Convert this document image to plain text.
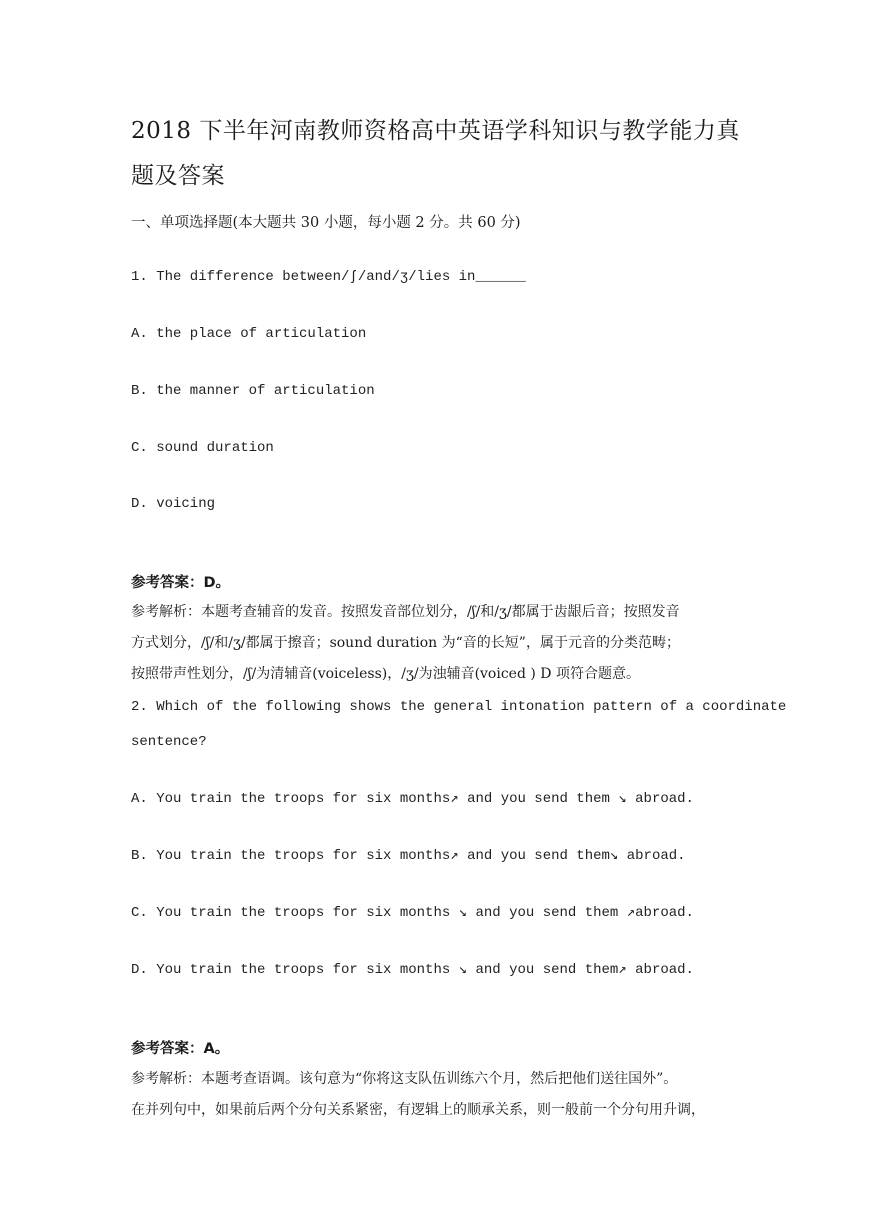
2018 下半年河南教师资格高中英语学科知识与教学能力真
题及答案
一、单项选择题(本大题共 30 小题，每小题 2 分。共 60 分)
1. The difference between/ʃ/and/ʒ/lies in______
A. the place of articulation
B. the manner of articulation
C. sound duration
D. voicing
参考答案：D。
参考解析：本题考查辅音的发音。按照发音部位划分，/ʃ/和/ʒ/都属于齿龈后音；按照发音
方式划分，/ʃ/和/ʒ/都属于擦音；sound duration 为“音的长短”，属于元音的分类范畴；
按照带声性划分，/ʃ/为清辅音(voiceless)，/ʒ/为浊辅音(voiced ) D 项符合题意。
2. Which of the following shows the general intonation pattern of a coordinate
sentence?
A. You train the troops for six months↗ and you send them ↘ abroad.
B. You train the troops for six months↗ and you send them↘ abroad.
C. You train the troops for six months ↘ and you send them ↗abroad.
D. You train the troops for six months ↘ and you send them↗ abroad.
参考答案：A。
参考解析：本题考查语调。该句意为“你将这支队伍训练六个月，然后把他们送往国外”。
在并列句中，如果前后两个分句关系紧密，有逻辑上的顺承关系，则一般前一个分句用升调，
